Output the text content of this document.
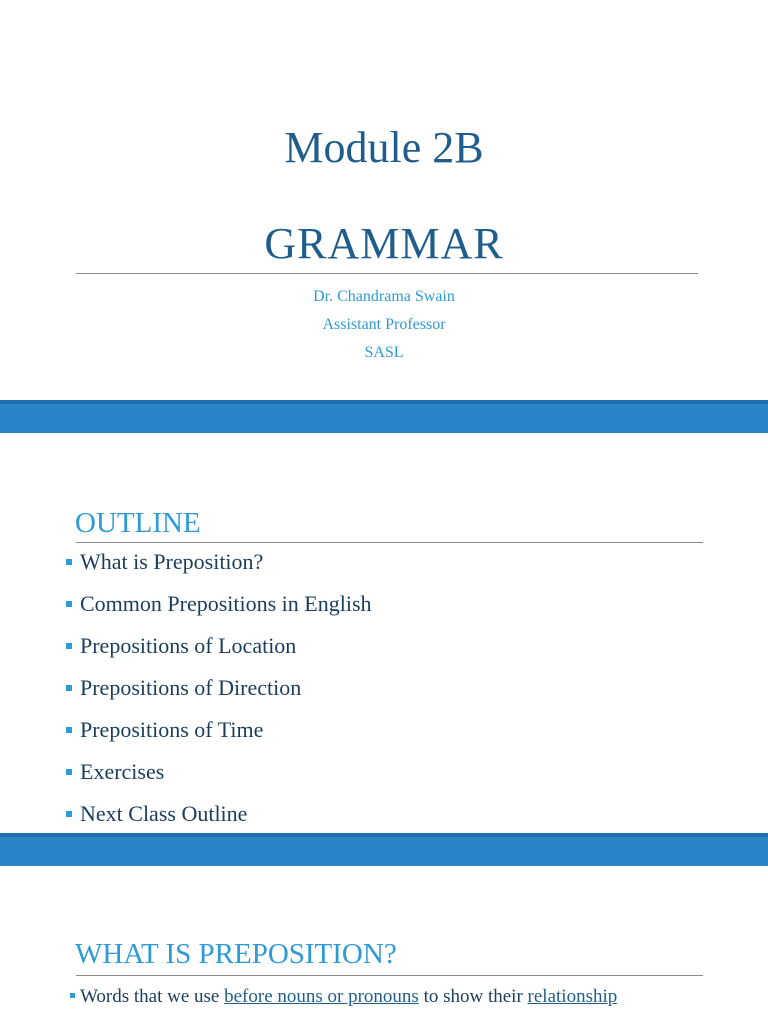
Module 2B
GRAMMAR
Dr. Chandrama Swain
Assistant Professor
SASL
OUTLINE
What is Preposition?
Common Prepositions in English
Prepositions of Location
Prepositions of Direction
Prepositions of Time
Exercises
Next Class Outline
WHAT IS PREPOSITION?
Words that we use before nouns or pronouns to show their relationship
